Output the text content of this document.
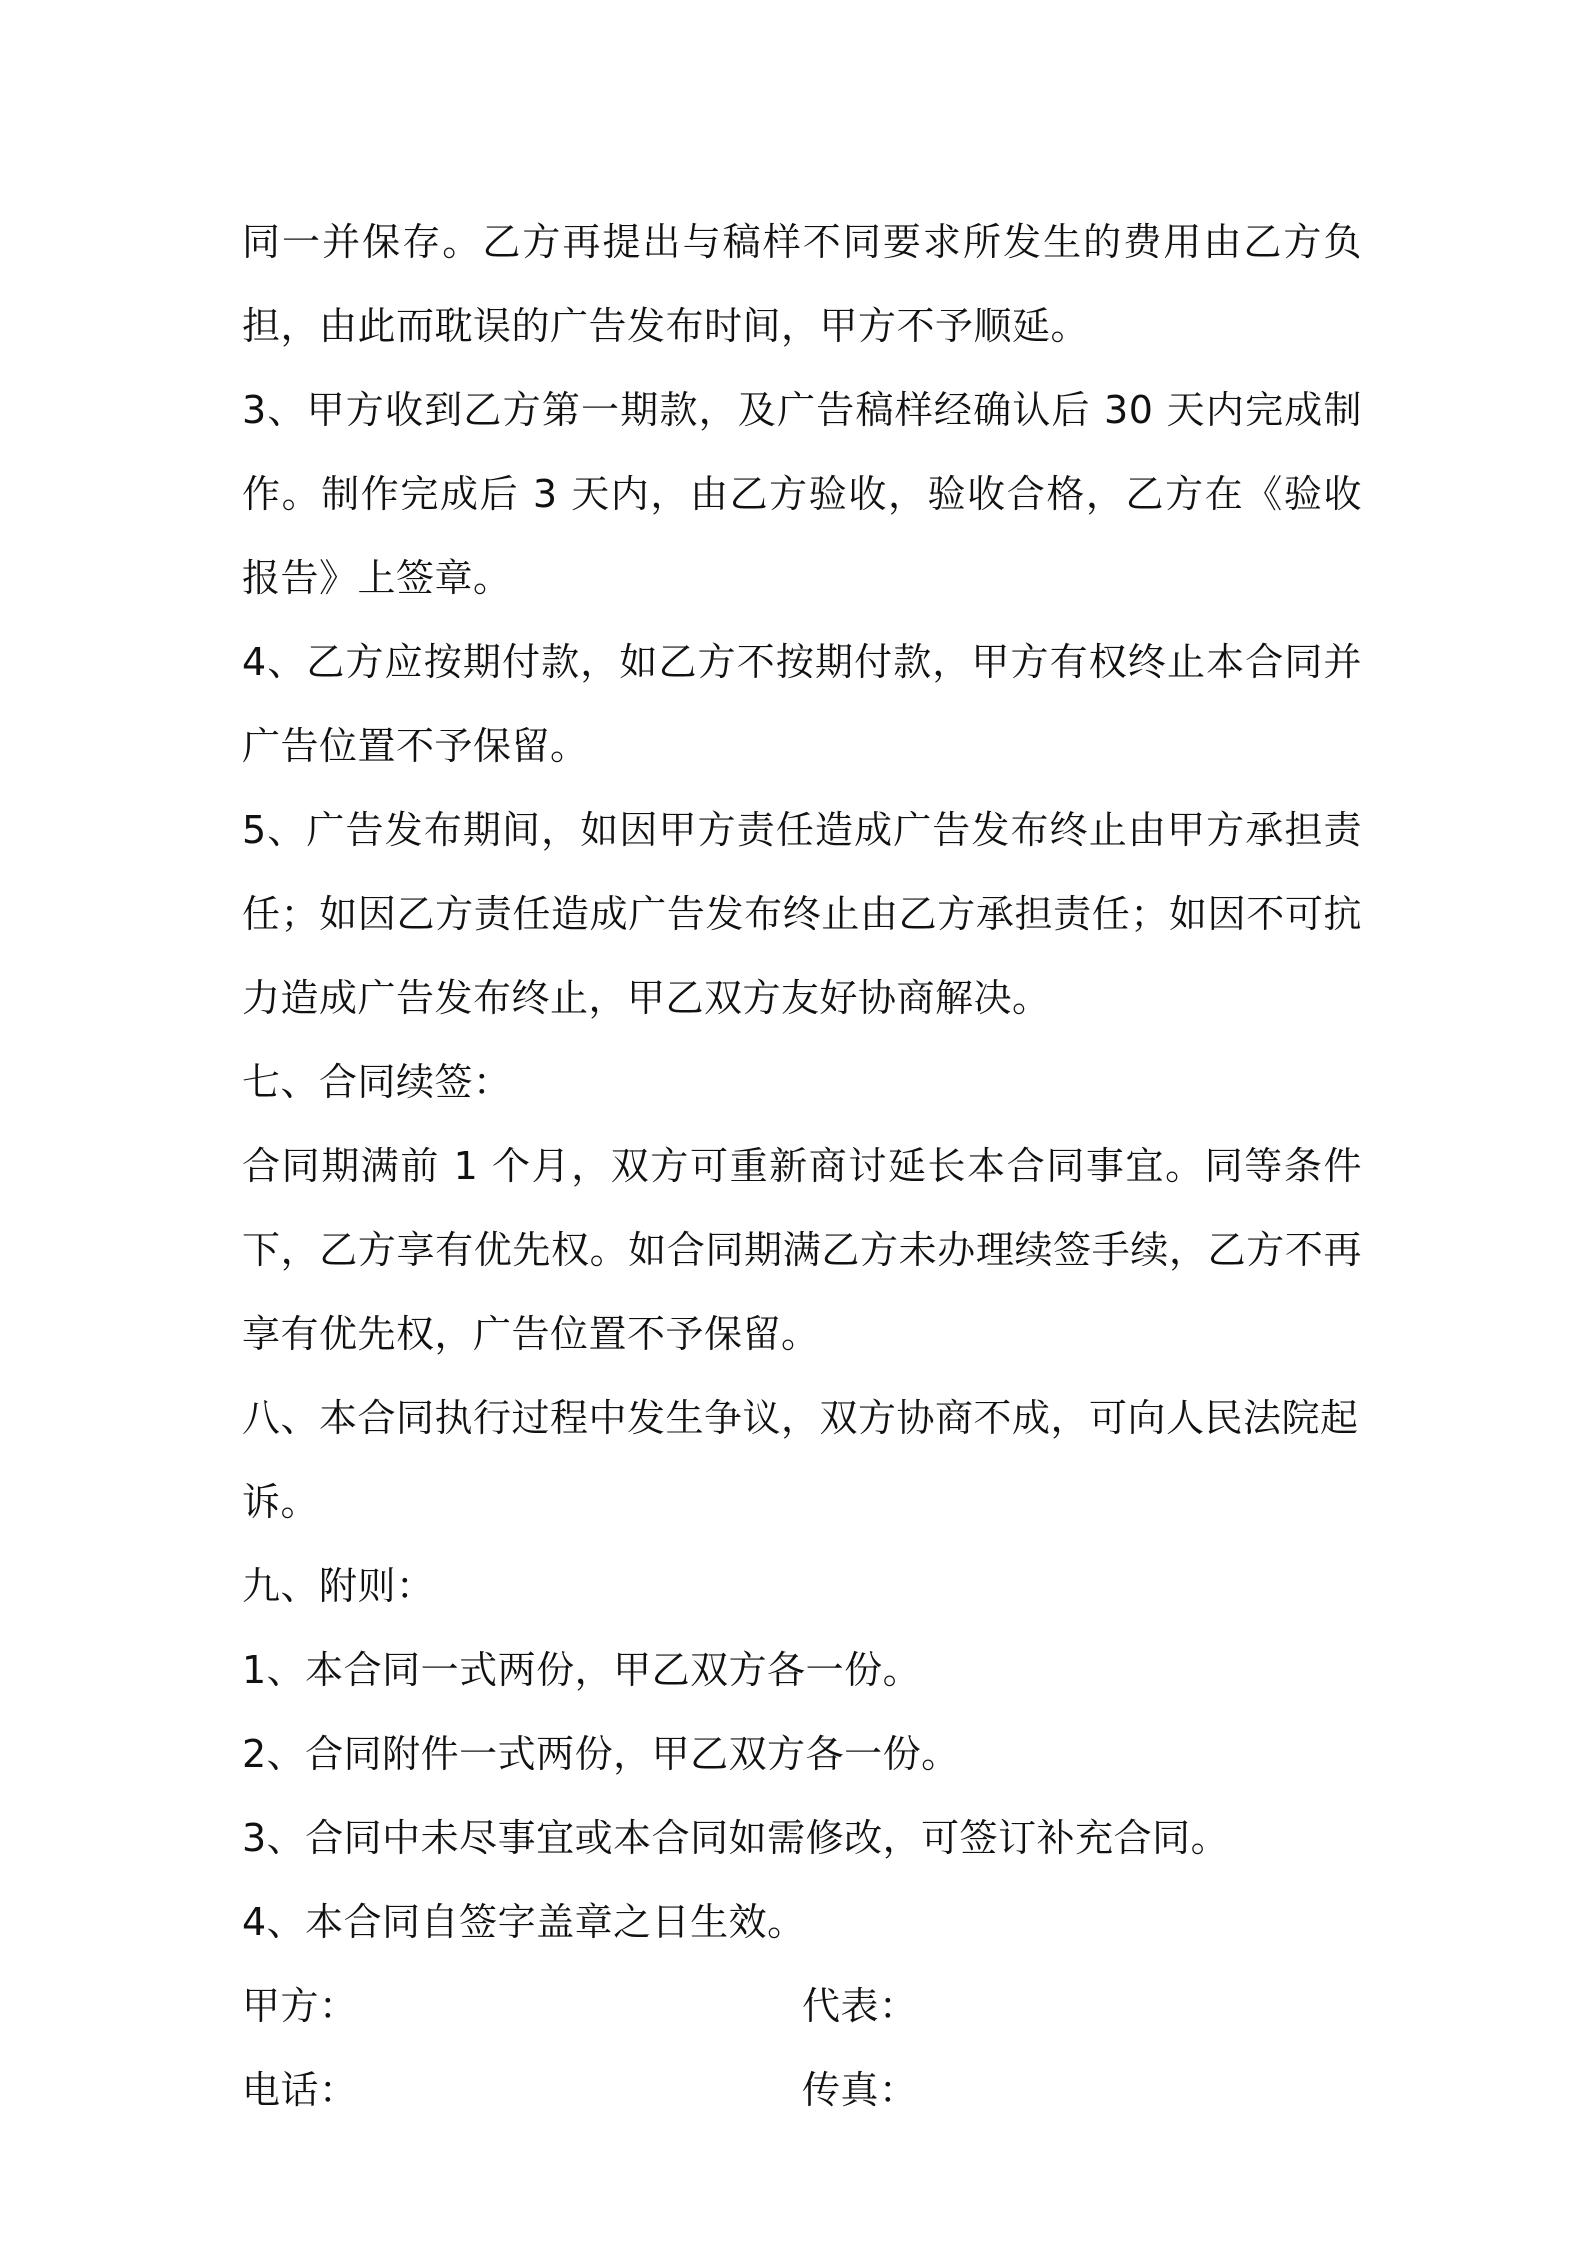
同一并保存。乙方再提出与稿样不同要求所发生的费用由乙方负担，由此而耽误的广告发布时间，甲方不予顺延。

3、甲方收到乙方第一期款，及广告稿样经确认后 30 天内完成制作。制作完成后 3 天内，由乙方验收，验收合格，乙方在《验收报告》上签章。

4、乙方应按期付款，如乙方不按期付款，甲方有权终止本合同并广告位置不予保留。

5、广告发布期间，如因甲方责任造成广告发布终止由甲方承担责任；如因乙方责任造成广告发布终止由乙方承担责任；如因不可抗力造成广告发布终止，甲乙双方友好协商解决。

七、合同续签：

合同期满前 1 个月，双方可重新商讨延长本合同事宜。同等条件下，乙方享有优先权。如合同期满乙方未办理续签手续，乙方不再享有优先权，广告位置不予保留。

八、本合同执行过程中发生争议，双方协商不成，可向人民法院起诉。

九、附则：

1、本合同一式两份，甲乙双方各一份。

2、合同附件一式两份，甲乙双方各一份。

3、合同中未尽事宜或本合同如需修改，可签订补充合同。

4、本合同自签字盖章之日生效。

甲方：	代表：
电话：	传真：
